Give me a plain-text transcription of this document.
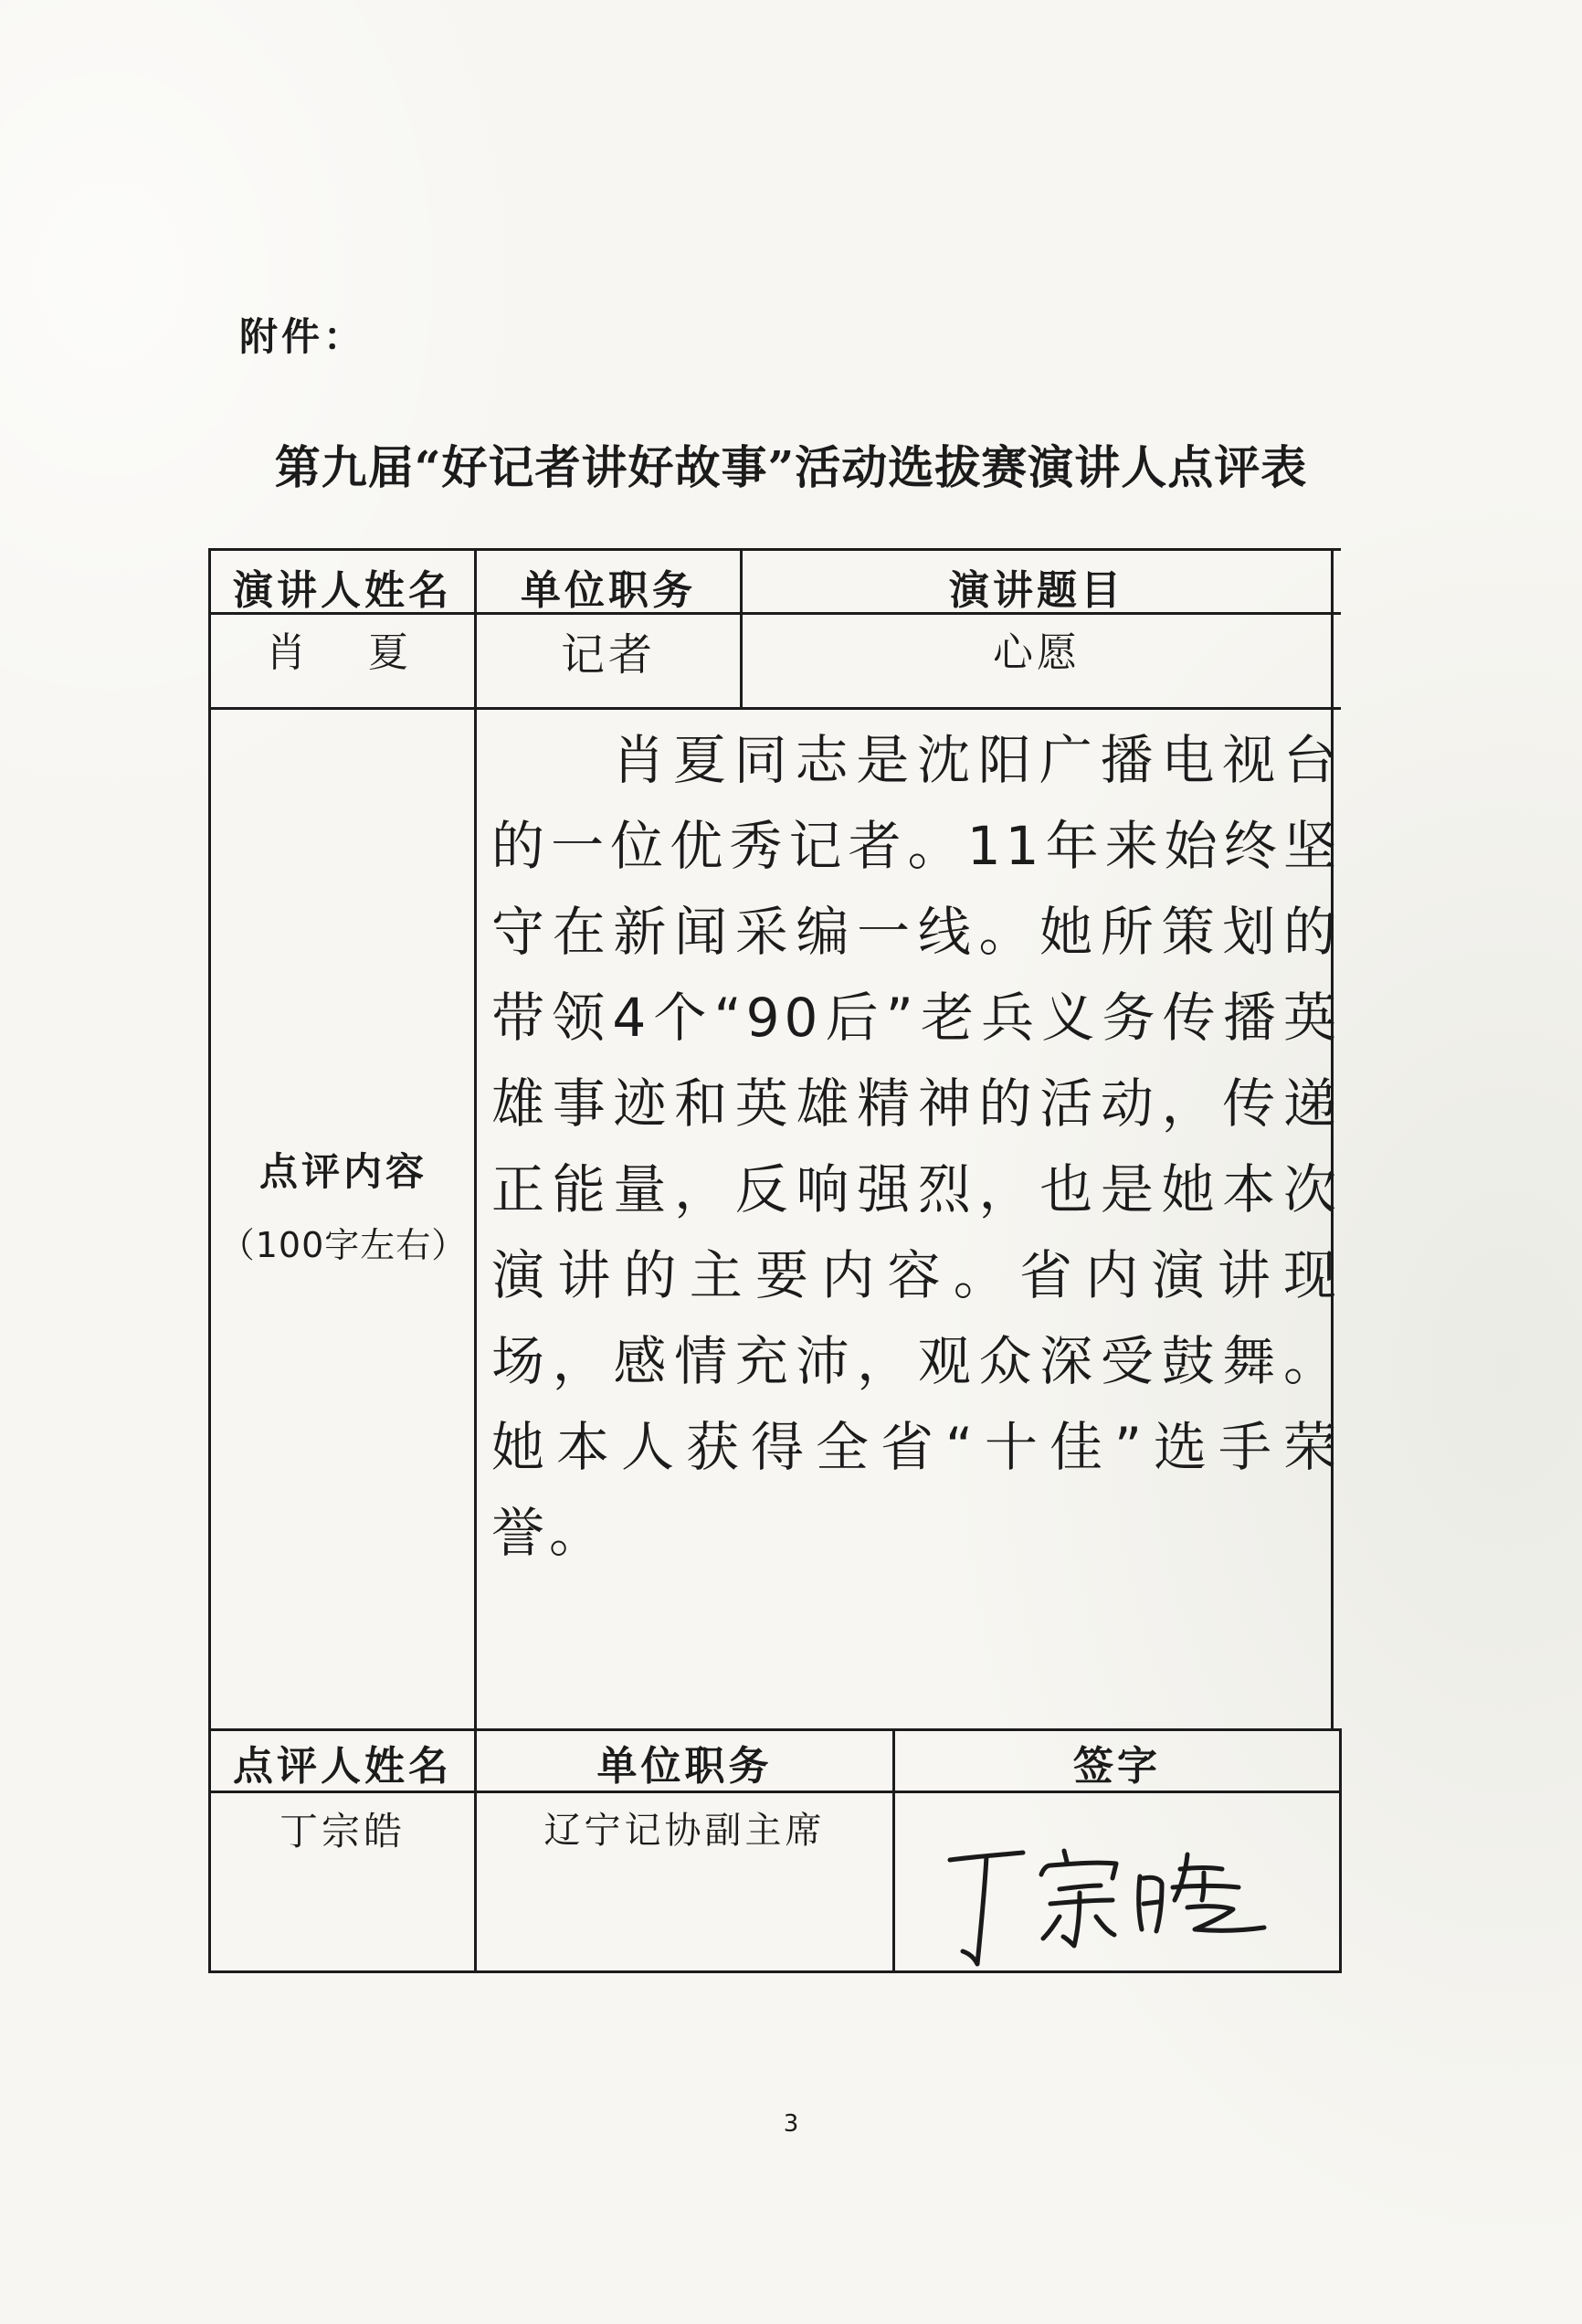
附件：
第九届“好记者讲好故事”活动选拔赛演讲人点评表
演讲人姓名	单位职务	演讲题目
肖　夏	记者	心愿
点评内容
（100字左右）
肖夏同志是沈阳广播电视台的一位优秀记者。11年来始终坚守在新闻采编一线。她所策划的带领4个“90后”老兵义务传播英雄事迹和英雄精神的活动，传递正能量，反响强烈，也是她本次演讲的主要内容。省内演讲现场，感情充沛，观众深受鼓舞。她本人获得全省“十佳”选手荣誉。
点评人姓名	单位职务	签字
丁宗皓	辽宁记协副主席
3
